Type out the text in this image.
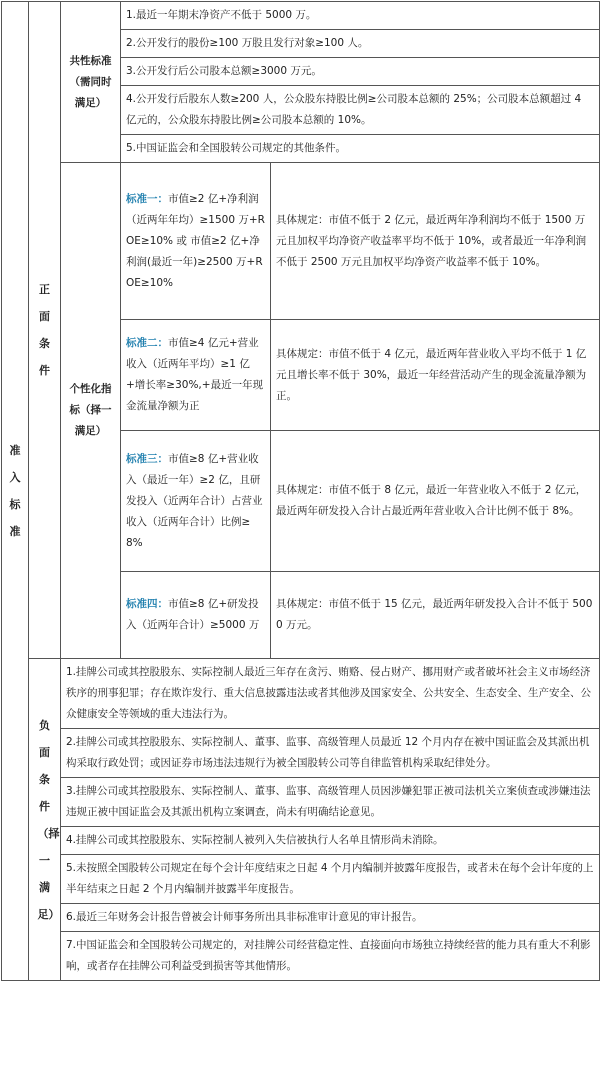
准入标准	正面条件	共性标准（需同时满足）	1.最近一年期末净资产不低于 5000 万。	
			2.公开发行的股份≥100 万股且发行对象≥100 人。	
			3.公开发行后公司股本总额≥3000 万元。	
			4.公开发行后股东人数≥200 人，公众股东持股比例≥公司股本总额的 25%；公司股本总额超过 4 亿元的，公众股东持股比例≥公司股本总额的 10%。	
			5.中国证监会和全国股转公司规定的其他条件。	
		个性化指标（择一满足）	标准一：市值≥2 亿+净利润（近两年年均）≥1500 万+ROE≥10% 或 市值≥2 亿+净利润(最近一年)≥2500 万+ROE≥10%	具体规定：市值不低于 2 亿元，最近两年净利润均不低于 1500 万元且加权平均净资产收益率平均不低于 10%，或者最近一年净利润不低于 2500 万元且加权平均净资产收益率不低于 10%。
			标准二：市值≥4 亿元+营业收入（近两年平均）≥1 亿+增长率≥30%,+最近一年现金流量净额为正	具体规定：市值不低于 4 亿元，最近两年营业收入平均不低于 1 亿元且增长率不低于 30%，最近一年经营活动产生的现金流量净额为正。
			标准三：市值≥8 亿+营业收入（最近一年）≥2 亿，且研发投入（近两年合计）占营业收入（近两年合计）比例≥8%	具体规定：市值不低于 8 亿元，最近一年营业收入不低于 2 亿元，最近两年研发投入合计占最近两年营业收入合计比例不低于 8%。
			标准四：市值≥8 亿+研发投入（近两年合计）≥5000 万	具体规定：市值不低于 15 亿元，最近两年研发投入合计不低于 5000 万元。
	负面条件（择一满足）	1.挂牌公司或其控股股东、实际控制人最近三年存在贪污、贿赂、侵占财产、挪用财产或者破坏社会主义市场经济秩序的刑事犯罪；存在欺诈发行、重大信息披露违法或者其他涉及国家安全、公共安全、生态安全、生产安全、公众健康安全等领域的重大违法行为。		
		2.挂牌公司或其控股股东、实际控制人、董事、监事、高级管理人员最近 12 个月内存在被中国证监会及其派出机构采取行政处罚；或因证券市场违法违规行为被全国股转公司等自律监管机构采取纪律处分。		
		3.挂牌公司或其控股股东、实际控制人、董事、监事、高级管理人员因涉嫌犯罪正被司法机关立案侦查或涉嫌违法违规正被中国证监会及其派出机构立案调查，尚未有明确结论意见。		
		4.挂牌公司或其控股股东、实际控制人被列入失信被执行人名单且情形尚未消除。		
		5.未按照全国股转公司规定在每个会计年度结束之日起 4 个月内编制并披露年度报告，或者未在每个会计年度的上半年结束之日起 2 个月内编制并披露半年度报告。		
		6.最近三年财务会计报告曾被会计师事务所出具非标准审计意见的审计报告。		
		7.中国证监会和全国股转公司规定的，对挂牌公司经营稳定性、直接面向市场独立持续经营的能力具有重大不利影响，或者存在挂牌公司利益受到损害等其他情形。		
